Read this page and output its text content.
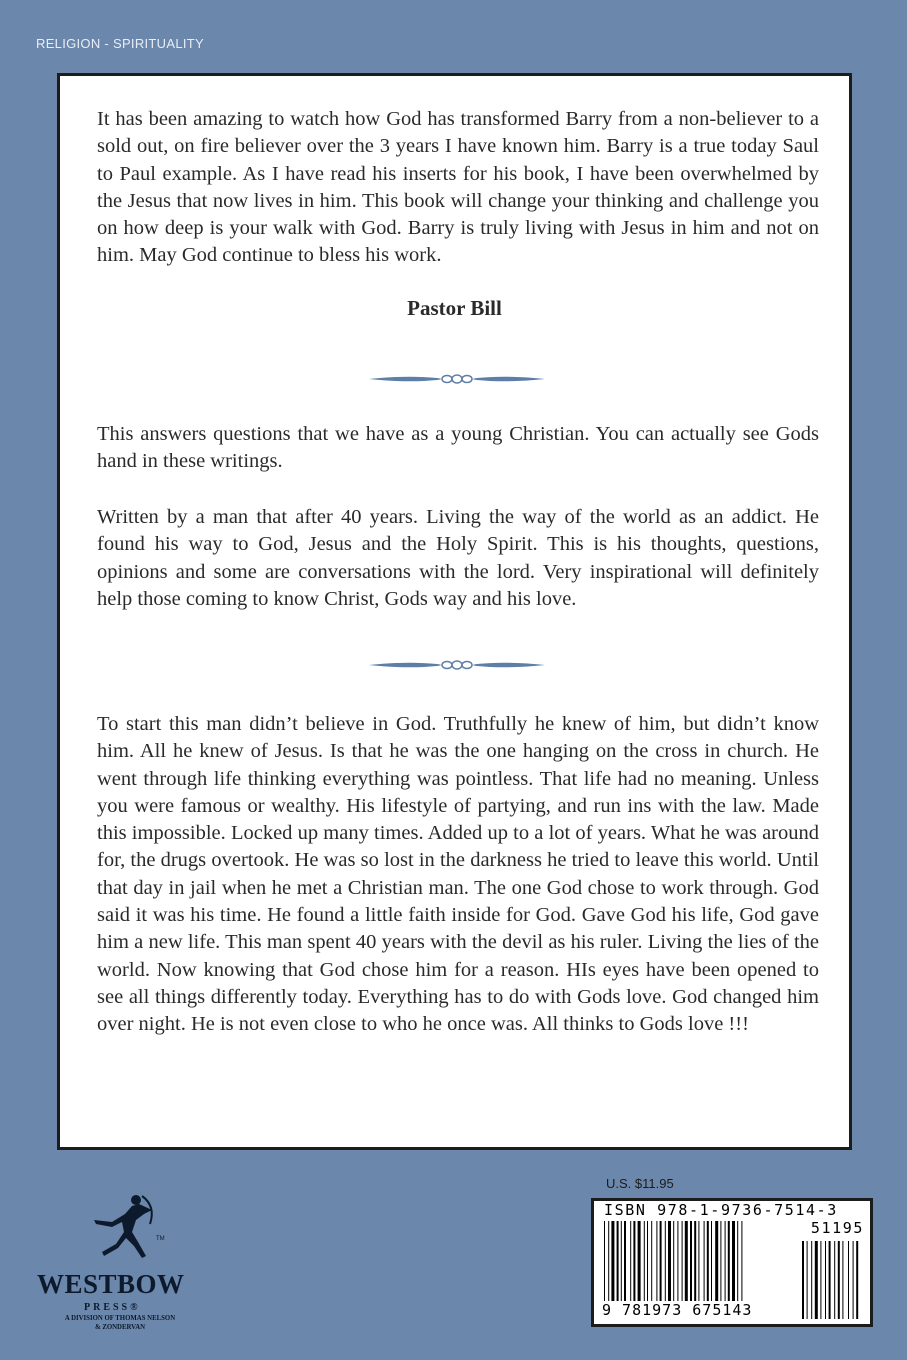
RELIGION - SPIRITUALITY

It has been amazing to watch how God has transformed Barry from a non-believer to a sold out, on fire believer over the 3 years I have known him. Barry is a true today Saul to Paul example. As I have read his inserts for his book, I have been overwhelmed by the Jesus that now lives in him. This book will change your thinking and challenge you on how deep is your walk with God. Barry is truly living with Jesus in him and not on him. May God continue to bless his work.

Pastor Bill

This answers questions that we have as a young Christian. You can actually see Gods hand in these writings.

Written by a man that after 40 years. Living the way of the world as an addict. He found his way to God, Jesus and the Holy Spirit. This is his thoughts, questions, opinions and some are conversations with the lord. Very inspirational will definitely help those coming to know Christ, Gods way and his love.

To start this man didn’t believe in God. Truthfully he knew of him, but didn’t know him. All he knew of Jesus. Is that he was the one hanging on the cross in church. He went through life thinking everything was pointless. That life had no meaning. Unless you were famous or wealthy. His lifestyle of partying, and run ins with the law. Made this impossible. Locked up many times. Added up to a lot of years. What he was around for, the drugs overtook. He was so lost in the darkness he tried to leave this world. Until that day in jail when he met a Christian man. The one God chose to work through. God said it was his time. He found a little faith inside for God. Gave God his life, God gave him a new life. This man spent 40 years with the devil as his ruler. Living the lies of the world. Now knowing that God chose him for a reason. HIs eyes have been opened to see all things differently today. Everything has to do with Gods love. God changed him over night. He is not even close to who he once was. All thinks to Gods love !!!

TM
WESTBOW
PRESS®
A DIVISION OF THOMAS NELSON
& ZONDERVAN
U.S. $11.95
ISBN 978-1-9736-7514-3
51195
9 781973 675143
